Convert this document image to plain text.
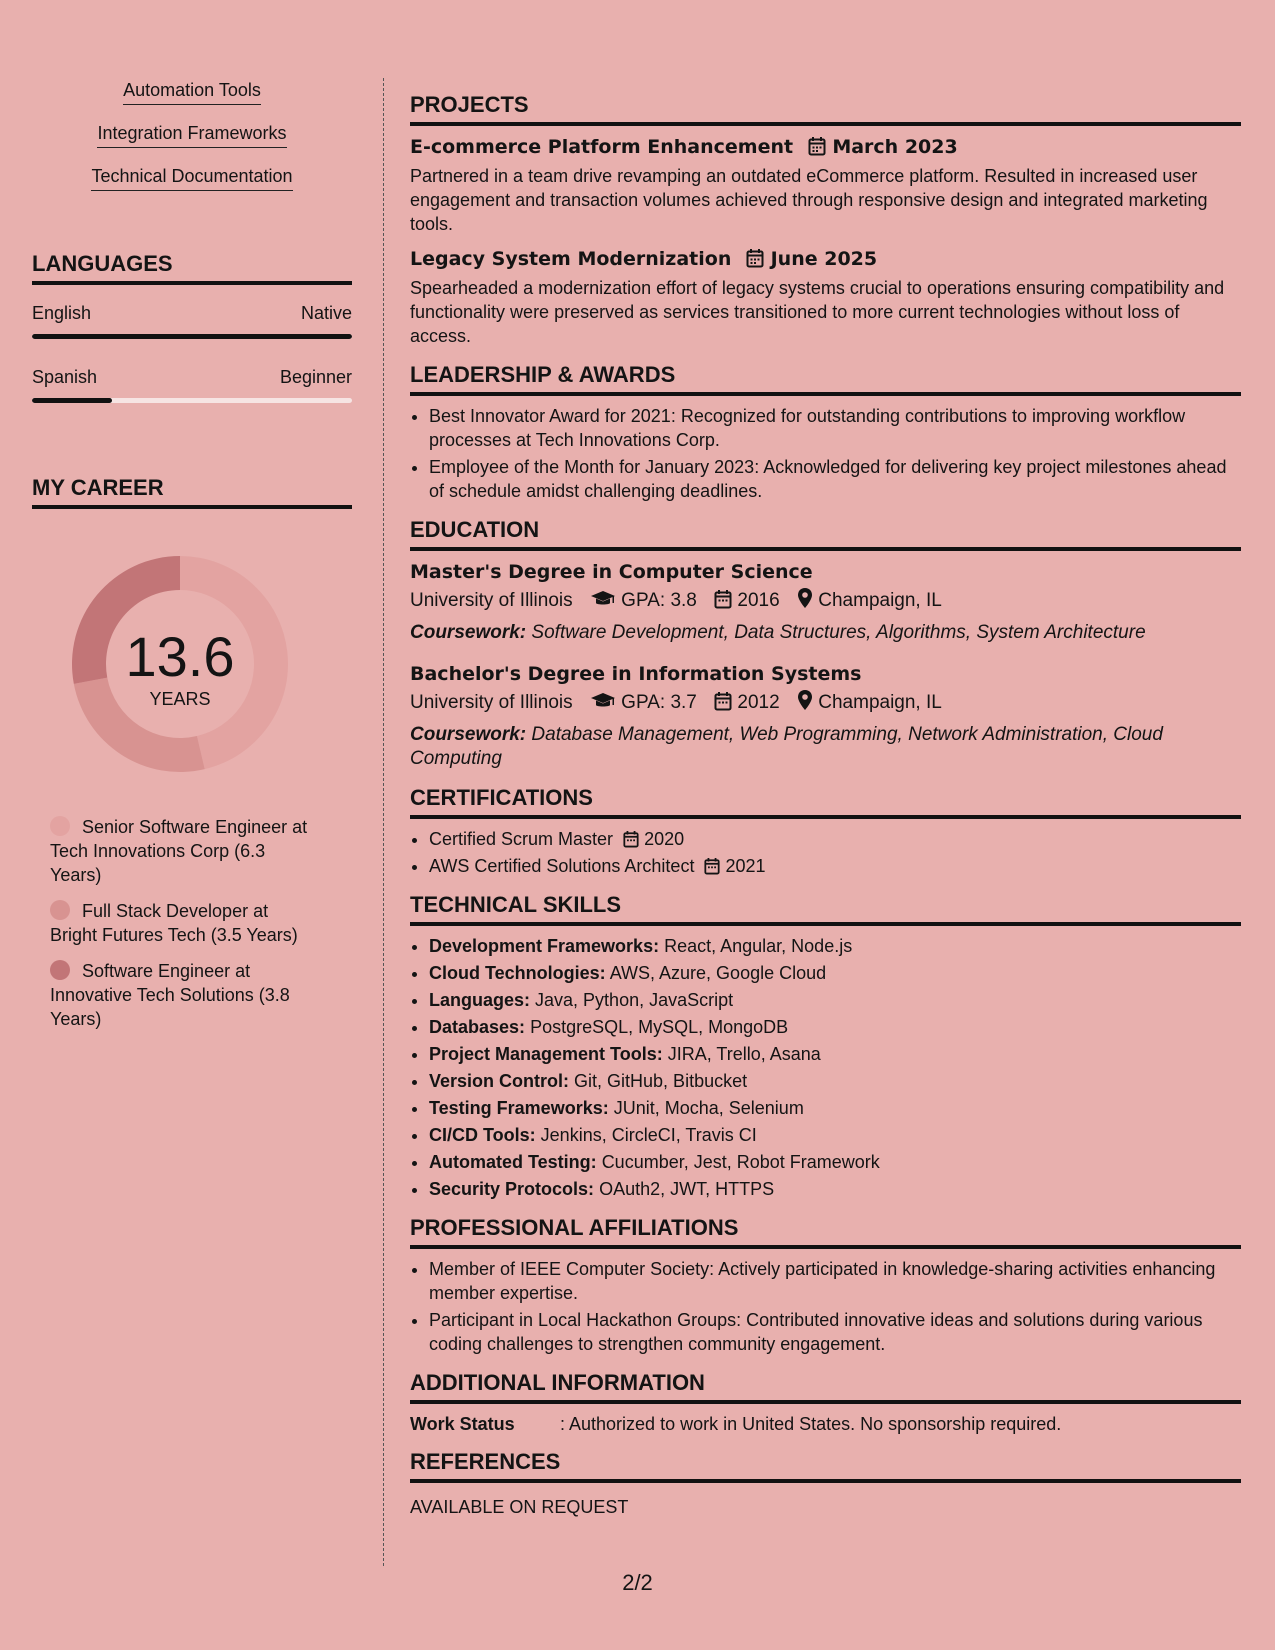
Automation Tools
Integration Frameworks
Technical Documentation
LANGUAGES
English	Native
Spanish	Beginner
MY CAREER
13.6
YEARS
Senior Software Engineer at Tech Innovations Corp (6.3 Years)
Full Stack Developer at Bright Futures Tech (3.5 Years)
Software Engineer at Innovative Tech Solutions (3.8 Years)
PROJECTS
E-commerce Platform Enhancement March 2023
Partnered in a team drive revamping an outdated eCommerce platform. Resulted in increased user engagement and transaction volumes achieved through responsive design and integrated marketing tools.
Legacy System Modernization June 2025
Spearheaded a modernization effort of legacy systems crucial to operations ensuring compatibility and functionality were preserved as services transitioned to more current technologies without loss of access.
LEADERSHIP & AWARDS
• Best Innovator Award for 2021: Recognized for outstanding contributions to improving workflow processes at Tech Innovations Corp.
• Employee of the Month for January 2023: Acknowledged for delivering key project milestones ahead of schedule amidst challenging deadlines.
EDUCATION
Master's Degree in Computer Science
University of Illinois	GPA: 3.8 2016 Champaign, IL
Coursework: Software Development, Data Structures, Algorithms, System Architecture
Bachelor's Degree in Information Systems
University of Illinois	GPA: 3.7 2012 Champaign, IL
Coursework: Database Management, Web Programming, Network Administration, Cloud Computing
CERTIFICATIONS
• Certified Scrum Master 2020
• AWS Certified Solutions Architect 2021
TECHNICAL SKILLS
• Development Frameworks: React, Angular, Node.js
• Cloud Technologies: AWS, Azure, Google Cloud
• Languages: Java, Python, JavaScript
• Databases: PostgreSQL, MySQL, MongoDB
• Project Management Tools: JIRA, Trello, Asana
• Version Control: Git, GitHub, Bitbucket
• Testing Frameworks: JUnit, Mocha, Selenium
• CI/CD Tools: Jenkins, CircleCI, Travis CI
• Automated Testing: Cucumber, Jest, Robot Framework
• Security Protocols: OAuth2, JWT, HTTPS
PROFESSIONAL AFFILIATIONS
• Member of IEEE Computer Society: Actively participated in knowledge-sharing activities enhancing member expertise.
• Participant in Local Hackathon Groups: Contributed innovative ideas and solutions during various coding challenges to strengthen community engagement.
ADDITIONAL INFORMATION
Work Status	: Authorized to work in United States. No sponsorship required.
REFERENCES
AVAILABLE ON REQUEST
2/2
